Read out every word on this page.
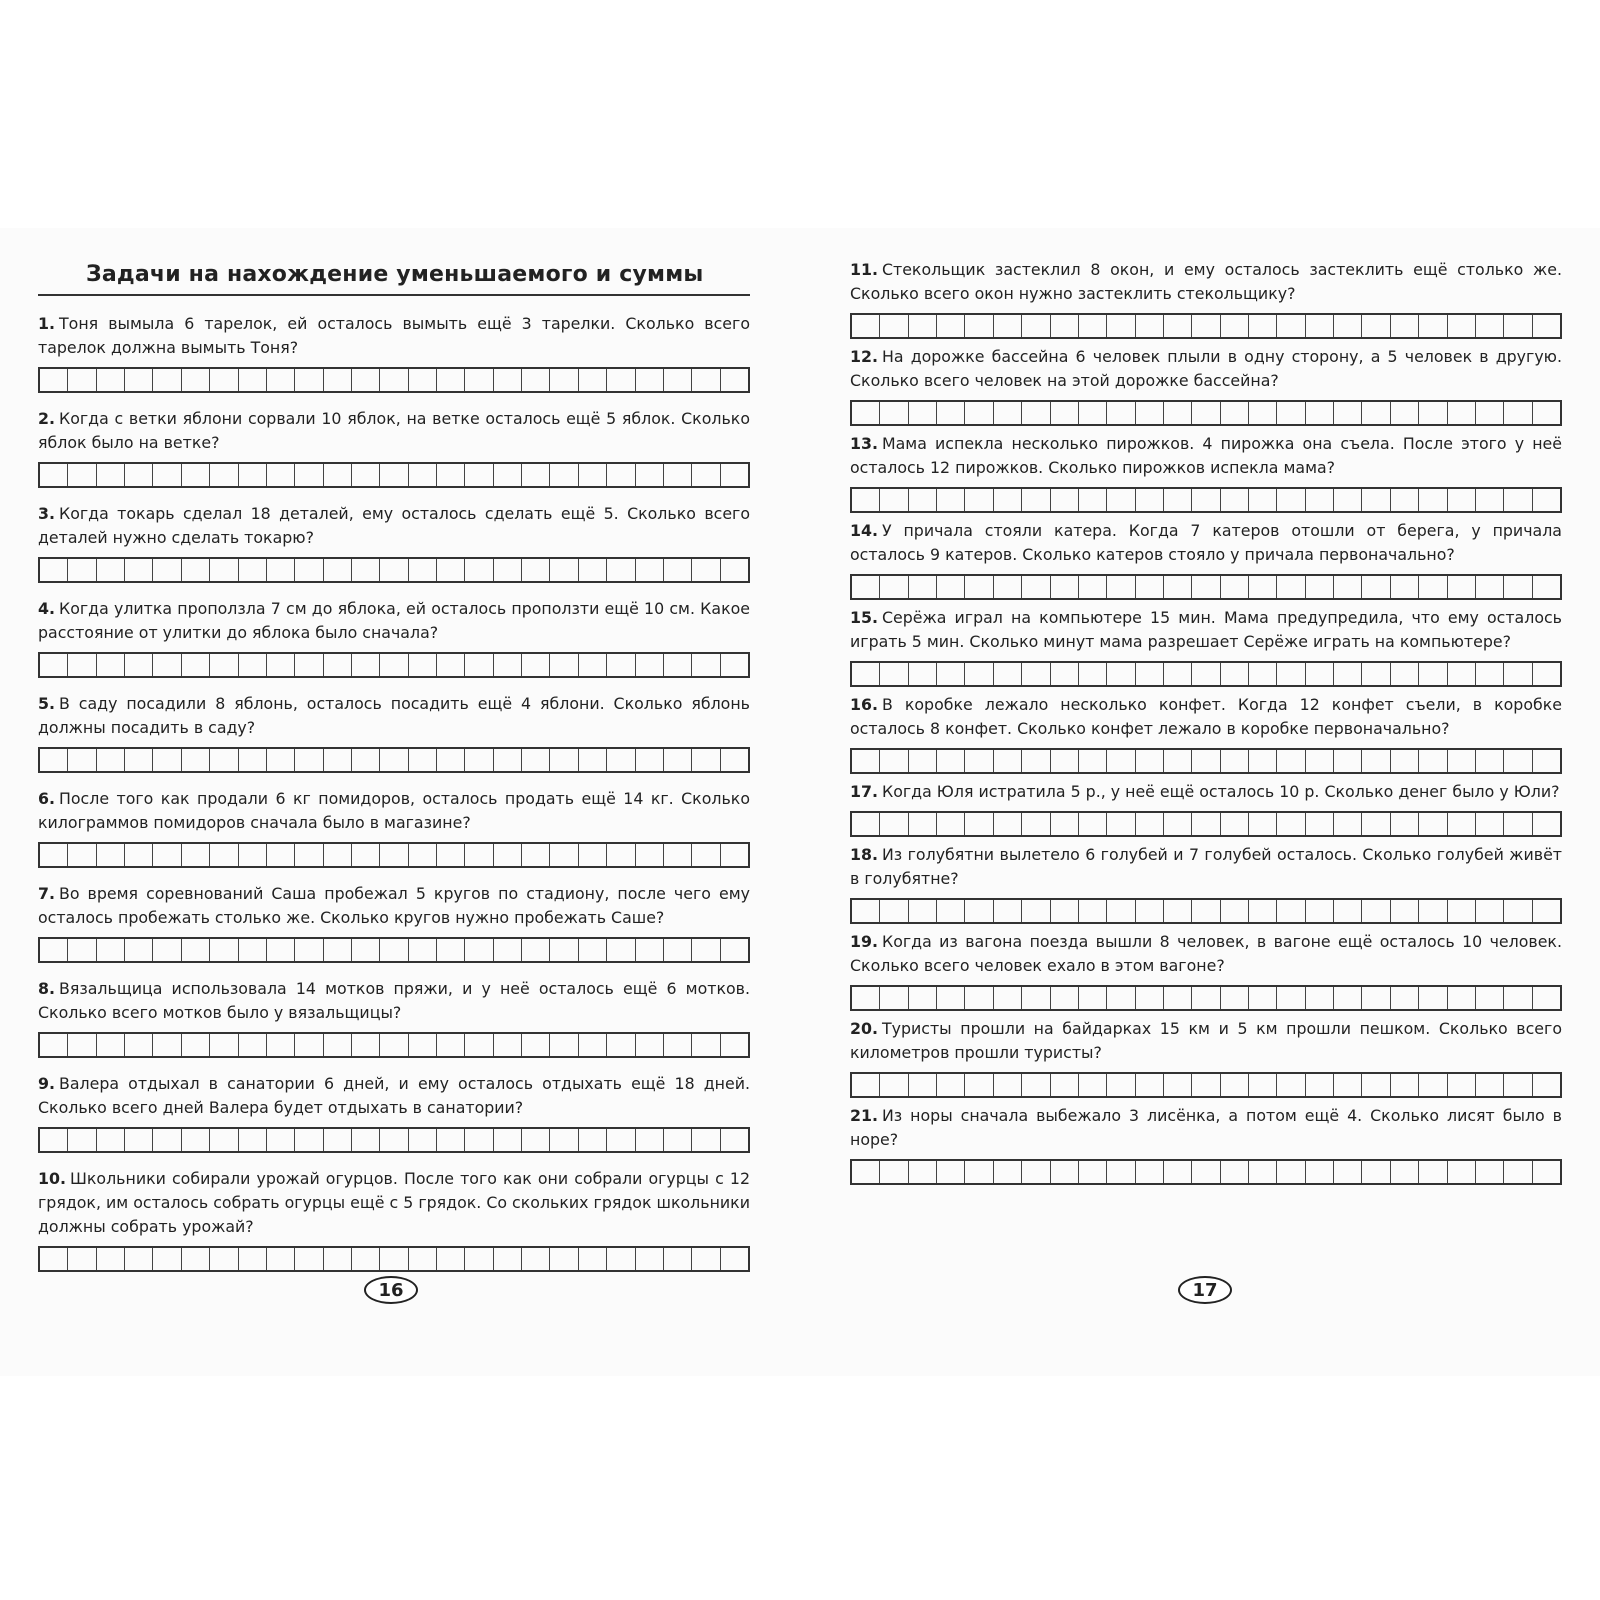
Задачи на нахождение уменьшаемого и суммы

1. Тоня вымыла 6 тарелок, ей осталось вымыть ещё 3 тарелки. Сколько всего тарелок должна вымыть Тоня?

2. Когда с ветки яблони сорвали 10 яблок, на ветке осталось ещё 5 яблок. Сколько яблок было на ветке?

3. Когда токарь сделал 18 деталей, ему осталось сделать ещё 5. Сколько всего деталей нужно сделать токарю?

4. Когда улитка проползла 7 см до яблока, ей осталось проползти ещё 10 см. Какое расстояние от улитки до яблока было сначала?

5. В саду посадили 8 яблонь, осталось посадить ещё 4 яблони. Сколько яблонь должны посадить в саду?

6. После того как продали 6 кг помидоров, осталось продать ещё 14 кг. Сколько килограммов помидоров сначала было в магазине?

7. Во время соревнований Саша пробежал 5 кругов по стадиону, после чего ему осталось пробежать столько же. Сколько кругов нужно пробежать Саше?

8. Вязальщица использовала 14 мотков пряжи, и у неё осталось ещё 6 мотков. Сколько всего мотков было у вязальщицы?

9. Валера отдыхал в санатории 6 дней, и ему осталось отдыхать ещё 18 дней. Сколько всего дней Валера будет отдыхать в санатории?

10. Школьники собирали урожай огурцов. После того как они собрали огурцы с 12 грядок, им осталось собрать огурцы ещё с 5 грядок. Со скольких грядок школьники должны собрать урожай?

11. Стекольщик застеклил 8 окон, и ему осталось застеклить ещё столько же. Сколько всего окон нужно застеклить стекольщику?

12. На дорожке бассейна 6 человек плыли в одну сторону, а 5 человек в другую. Сколько всего человек на этой дорожке бассейна?

13. Мама испекла несколько пирожков. 4 пирожка она съела. После этого у неё осталось 12 пирожков. Сколько пирожков испекла мама?

14. У причала стояли катера. Когда 7 катеров отошли от берега, у причала осталось 9 катеров. Сколько катеров стояло у причала первоначально?

15. Серёжа играл на компьютере 15 мин. Мама предупредила, что ему осталось играть 5 мин. Сколько минут мама разрешает Серёже играть на компьютере?

16. В коробке лежало несколько конфет. Когда 12 конфет съели, в коробке осталось 8 конфет. Сколько конфет лежало в коробке первоначально?

17. Когда Юля истратила 5 р., у неё ещё осталось 10 р. Сколько денег было у Юли?

18. Из голубятни вылетело 6 голубей и 7 голубей осталось. Сколько голубей живёт в голубятне?

19. Когда из вагона поезда вышли 8 человек, в вагоне ещё осталось 10 человек. Сколько всего человек ехало в этом вагоне?

20. Туристы прошли на байдарках 15 км и 5 км прошли пешком. Сколько всего километров прошли туристы?

21. Из норы сначала выбежало 3 лисёнка, а потом ещё 4. Сколько лисят было в норе?

16	17
